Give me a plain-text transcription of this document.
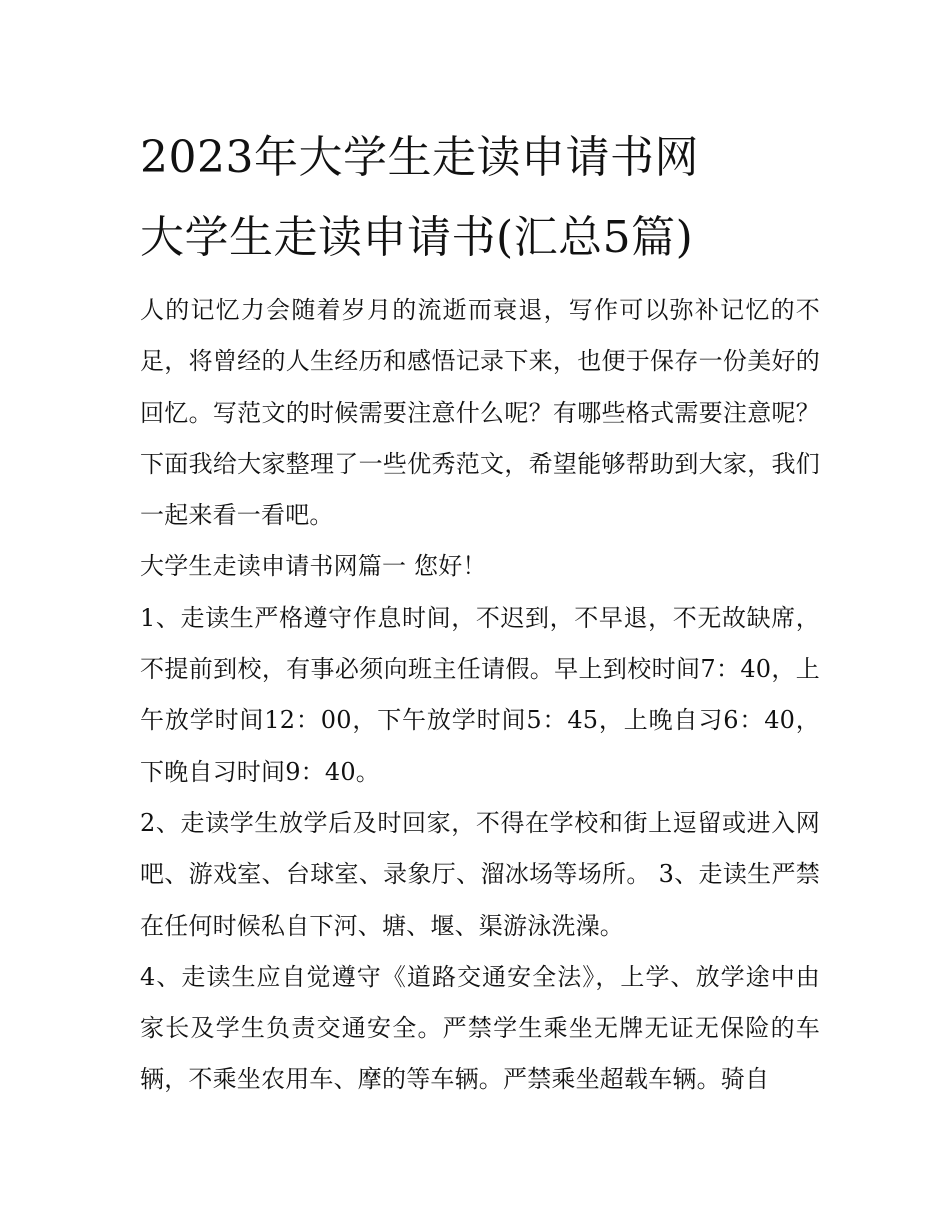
2023年大学生走读申请书网
大学生走读申请书(汇总5篇)

人的记忆力会随着岁月的流逝而衰退，写作可以弥补记忆的不足，将曾经的人生经历和感悟记录下来，也便于保存一份美好的回忆。写范文的时候需要注意什么呢？有哪些格式需要注意呢？下面我给大家整理了一些优秀范文，希望能够帮助到大家，我们一起来看一看吧。

大学生走读申请书网篇一 您好！

1、走读生严格遵守作息时间，不迟到，不早退，不无故缺席，不提前到校，有事必须向班主任请假。早上到校时间7：40，上午放学时间12：00，下午放学时间5：45，上晚自习6：40，下晚自习时间9：40。

2、走读学生放学后及时回家，不得在学校和街上逗留或进入网吧、游戏室、台球室、录象厅、溜冰场等场所。 3、走读生严禁在任何时候私自下河、塘、堰、渠游泳洗澡。

4、走读生应自觉遵守《道路交通安全法》，上学、放学途中由家长及学生负责交通安全。严禁学生乘坐无牌无证无保险的车辆，不乘坐农用车、摩的等车辆。严禁乘坐超载车辆。骑自
